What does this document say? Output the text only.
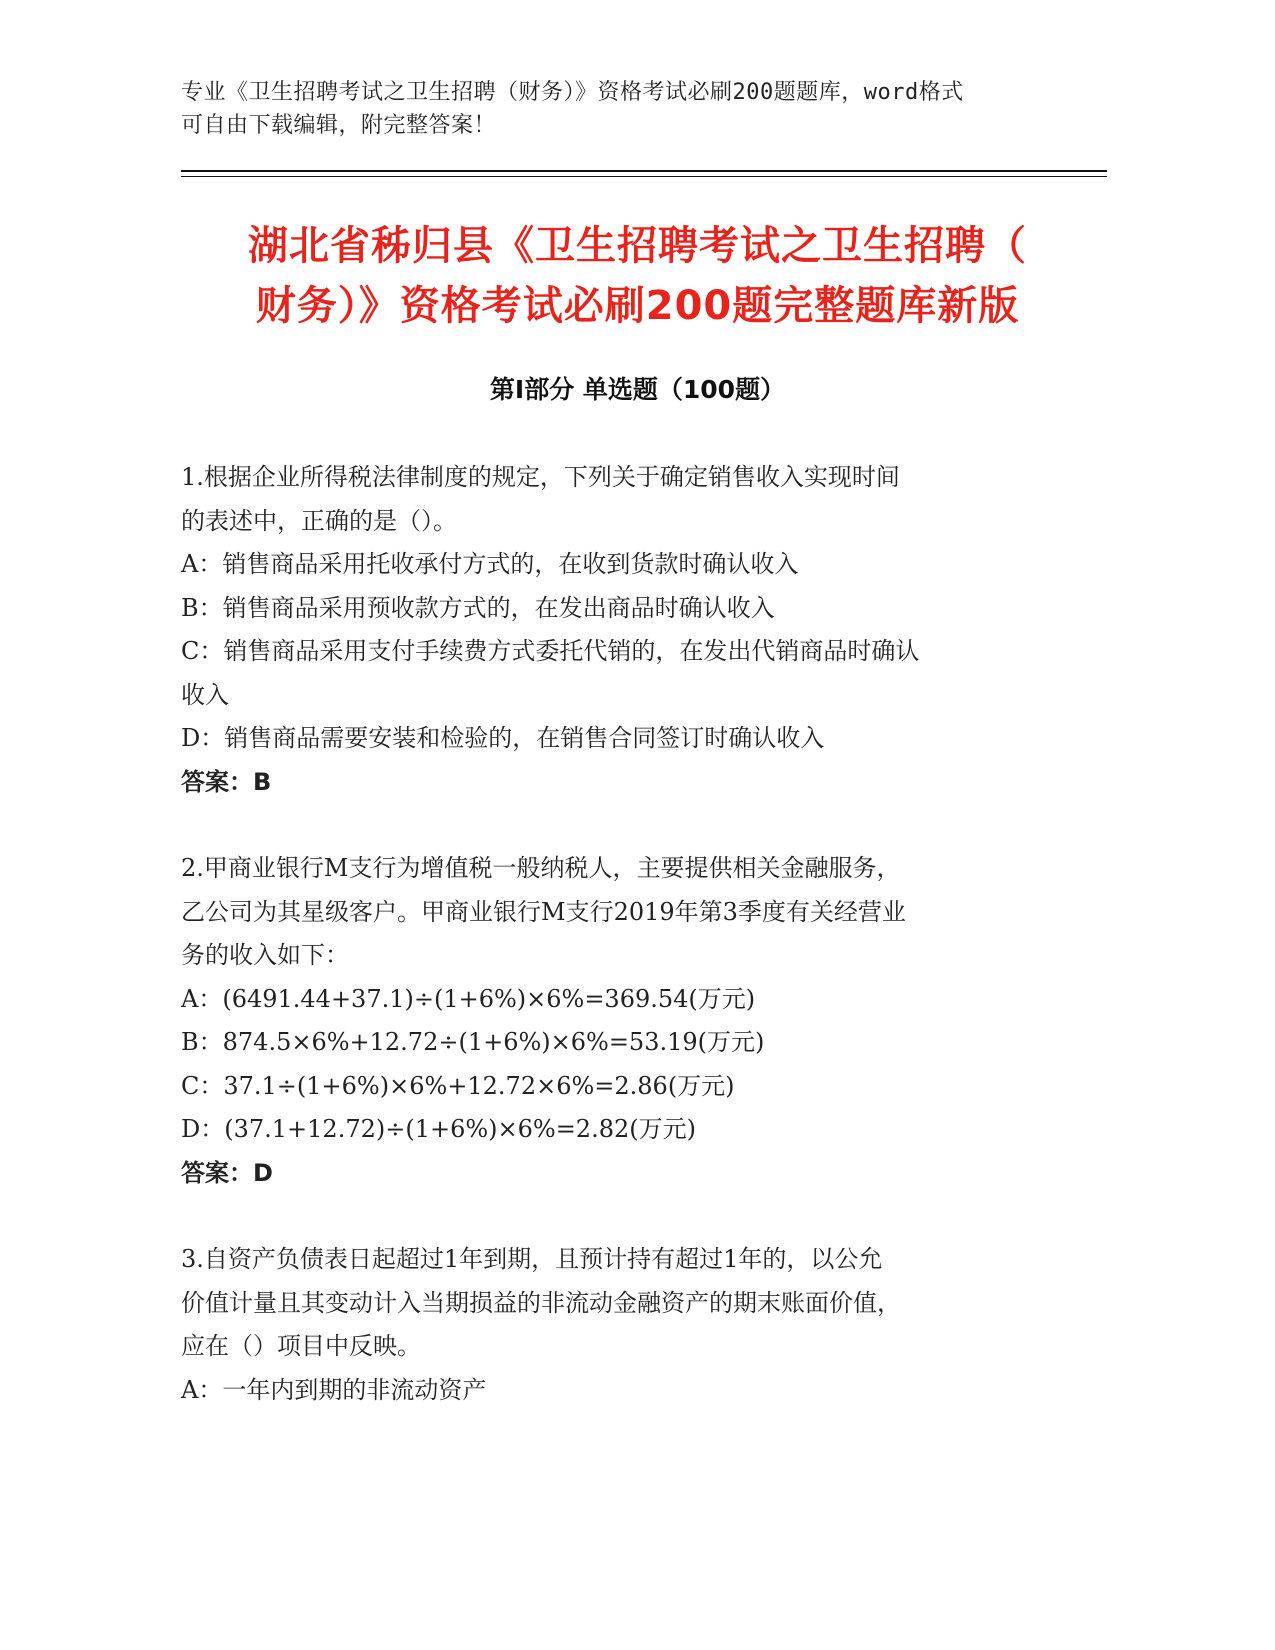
专业《卫生招聘考试之卫生招聘（财务）》资格考试必刷200题题库，word格式
可自由下载编辑，附完整答案！
湖北省秭归县《卫生招聘考试之卫生招聘（
财务）》资格考试必刷200题完整题库新版
第Ⅰ部分 单选题（100题）

1.根据企业所得税法律制度的规定，下列关于确定销售收入实现时间

的表述中，正确的是（）。

A：销售商品采用托收承付方式的，在收到货款时确认收入

B：销售商品采用预收款方式的，在发出商品时确认收入

C：销售商品采用支付手续费方式委托代销的，在发出代销商品时确认

收入

D：销售商品需要安装和检验的，在销售合同签订时确认收入

答案：B

2.甲商业银行M支行为增值税一般纳税人，主要提供相关金融服务，

乙公司为其星级客户。甲商业银行M支行2019年第3季度有关经营业

务的收入如下：

A：(6491.44+37.1)÷(1+6%)×6%=369.54(万元)

B：874.5×6%+12.72÷(1+6%)×6%=53.19(万元)

C：37.1÷(1+6%)×6%+12.72×6%=2.86(万元)

D：(37.1+12.72)÷(1+6%)×6%=2.82(万元)

答案：D

3.自资产负债表日起超过1年到期，且预计持有超过1年的，以公允

价值计量且其变动计入当期损益的非流动金融资产的期末账面价值，

应在（）项目中反映。

A：一年内到期的非流动资产
